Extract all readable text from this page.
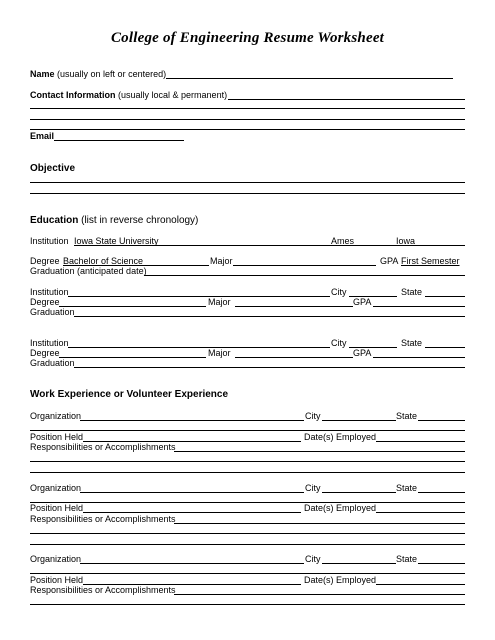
College of Engineering Resume Worksheet
Name (usually on left or centered)
Contact Information (usually local & permanent)
Email
Objective
Education (list in reverse chronology)
Institution Iowa State University	Ames	Iowa
Degree Bachelor of Science	Major	GPA First Semester
Graduation (anticipated date)
Institution	City	State
Degree	Major	GPA
Graduation
Institution	City	State
Degree	Major	GPA
Graduation
Work Experience or Volunteer Experience
Organization	City	State
Position Held	Date(s) Employed
Responsibilities or Accomplishments
Organization	City	State
Position Held	Date(s) Employed
Responsibilities or Accomplishments
Organization	City	State
Position Held	Date(s) Employed
Responsibilities or Accomplishments
